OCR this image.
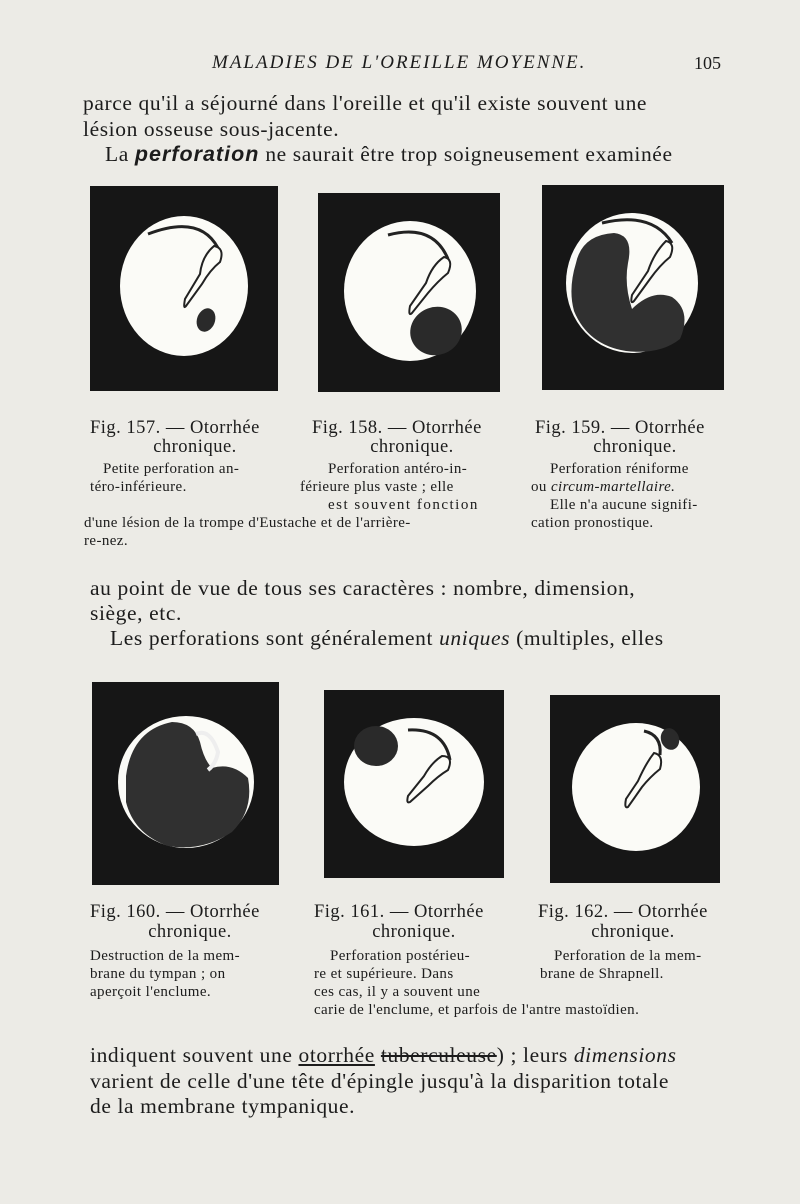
MALADIES DE L'OREILLE MOYENNE.	105
parce qu'il a séjourné dans l'oreille et qu'il existe souvent une
lésion osseuse sous-jacente.
La perforation ne saurait être trop soigneusement examinée
Fig. 157. — Otorrhée
chronique.
Petite perforation an-
téro-inférieure.
Fig. 158. — Otorrhée
chronique.
Perforation antéro-in-
férieure plus vaste ; elle
est souvent fonction
Fig. 159. — Otorrhée
chronique.
Perforation réniforme
ou circum-martellaire.
Elle n'a aucune signifi-
cation pronostique.
d'une lésion de la trompe d'Eustache et de l'arrière-
re-nez.
au point de vue de tous ses caractères : nombre, dimension,
siège, etc.
Les perforations sont généralement uniques (multiples, elles
Fig. 160. — Otorrhée
chronique.
Destruction de la mem-
brane du tympan ; on
aperçoit l'enclume.
Fig. 161. — Otorrhée
chronique.
Perforation postérieu-
re et supérieure. Dans
ces cas, il y a souvent une
carie de l'enclume, et parfois de l'antre mastoïdien.
Fig. 162. — Otorrhée
chronique.
Perforation de la mem-
brane de Shrapnell.
indiquent souvent une otorrhée tuberculeuse) ; leurs dimensions
varient de celle d'une tête d'épingle jusqu'à la disparition totale
de la membrane tympanique.
